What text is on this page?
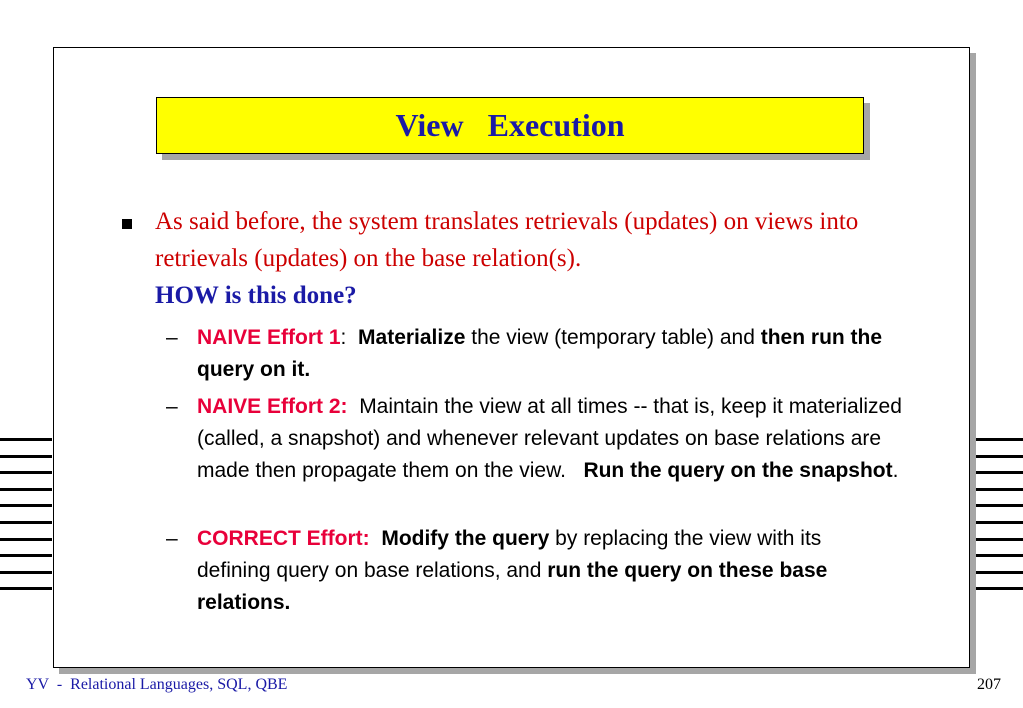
View   Execution
As said before, the system translates retrievals (updates) on views into retrievals (updates) on the base relation(s).
HOW is this done?
– NAIVE Effort 1: Materialize the view (temporary table) and then run the query on it.
– NAIVE Effort 2: Maintain the view at all times -- that is, keep it materialized (called, a snapshot) and whenever relevant updates on base relations are made then propagate them on the view. Run the query on the snapshot.
– CORRECT Effort: Modify the query by replacing the view with its defining query on base relations, and run the query on these base relations.
YV  -  Relational Languages, SQL, QBE	207
